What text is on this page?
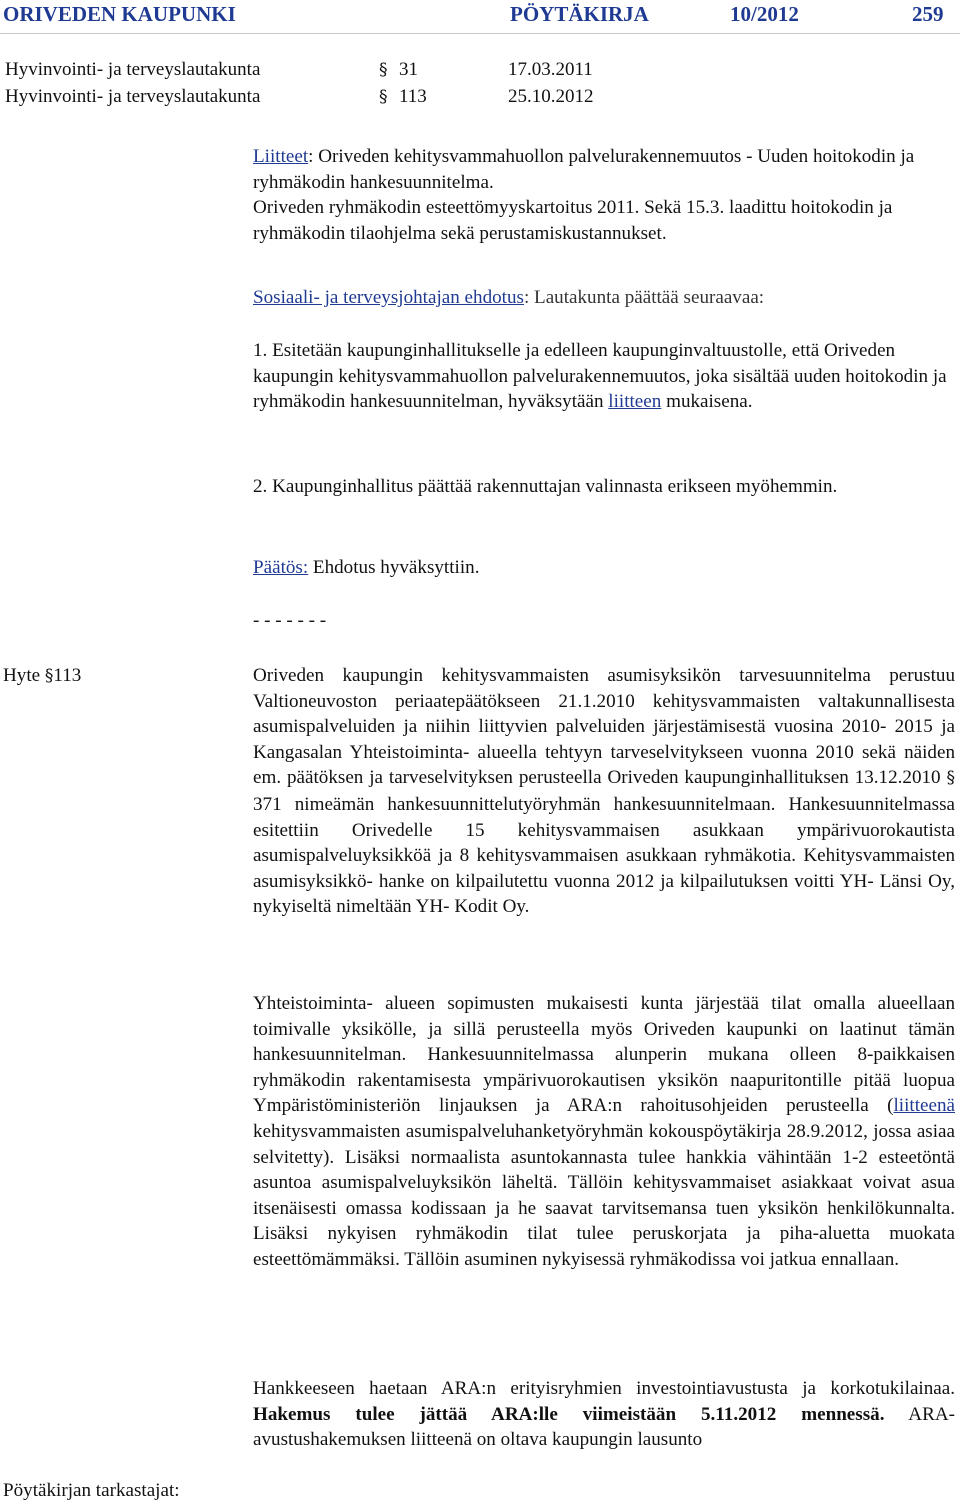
ORIVEDEN KAUPUNKI	PÖYTÄKIRJA	10/2012	259
Hyvinvointi- ja terveyslautakunta	§ 31	17.03.2011
Hyvinvointi- ja terveyslautakunta	§ 113	25.10.2012

Liitteet: Oriveden kehitysvammahuollon palvelurakennemuutos - Uuden hoitokodin ja ryhmäkodin hankesuunnitelma.

Oriveden ryhmäkodin esteettömyyskartoitus 2011. Sekä 15.3. laadittu hoitokodin ja ryhmäkodin tilaohjelma sekä perustamiskustannukset.

Sosiaali- ja terveysjohtajan ehdotus: Lautakunta päättää seuraavaa:
1. Esitetään kaupunginhallitukselle ja edelleen kaupunginvaltuustolle, että Oriveden kaupungin kehitysvammahuollon palvelurakennemuutos, joka sisältää uuden hoitokodin ja ryhmäkodin hankesuunnitelman, hyväksytään liitteen mukaisena.
2. Kaupunginhallitus päättää rakennuttajan valinnasta erikseen myöhemmin.
Päätös: Ehdotus hyväksyttiin.
- - - - - - -
Hyte §113	Oriveden kaupungin kehitysvammaisten asumisyksikön tarvesuunnitelma perustuu Valtioneuvoston periaatepäätökseen 21.1.2010 kehitysvammaisten valtakunnallisesta asumispalveluiden ja niihin liittyvien palveluiden järjestämisestä vuosina 2010- 2015 ja Kangasalan Yhteistoiminta- alueella tehtyyn tarveselvitykseen vuonna 2010 sekä näiden em. päätöksen ja tarveselvityksen perusteella Oriveden kaupunginhallituksen 13.12.2010 § 371 nimeämän hankesuunnittelutyöryhmän hankesuunnitelmaan. Hankesuunnitelmassa esitettiin Orivedelle 15 kehitysvammaisen asukkaan ympärivuorokautista asumispalveluyksikköä ja 8 kehitysvammaisen asukkaan ryhmäkotia. Kehitysvammaisten asumisyksikkö- hanke on kilpailutettu vuonna 2012 ja kilpailutuksen voitti YH- Länsi Oy, nykyiseltä nimeltään YH- Kodit Oy.
Yhteistoiminta- alueen sopimusten mukaisesti kunta järjestää tilat omalla alueellaan toimivalle yksikölle, ja sillä perusteella myös Oriveden kaupunki on laatinut tämän hankesuunnitelman. Hankesuunnitelmassa alunperin mukana olleen 8-paikkaisen ryhmäkodin rakentamisesta ympärivuorokautisen yksikön naapuritontille pitää luopua Ympäristöministeriön linjauksen ja ARA:n rahoitusohjeiden perusteella (liitteenä kehitysvammaisten asumispalveluhanketyöryhmän kokouspöytäkirja 28.9.2012, jossa asiaa selvitetty). Lisäksi normaalista asuntokannasta tulee hankkia vähintään 1-2 esteetöntä asuntoa asumispalveluyksikön läheltä. Tällöin kehitysvammaiset asiakkaat voivat asua itsenäisesti omassa kodissaan ja he saavat tarvitsemansa tuen yksikön henkilökunnalta. Lisäksi nykyisen ryhmäkodin tilat tulee peruskorjata ja piha-aluetta muokata esteettömämmäksi. Tällöin asuminen nykyisessä ryhmäkodissa voi jatkua ennallaan.
Hankkeeseen haetaan ARA:n erityisryhmien investointiavustusta ja korkotukilainaa. Hakemus tulee jättää ARA:lle viimeistään 5.11.2012 mennessä. ARA- avustushakemuksen liitteenä on oltava kaupungin lausunto
Pöytäkirjan tarkastajat:
